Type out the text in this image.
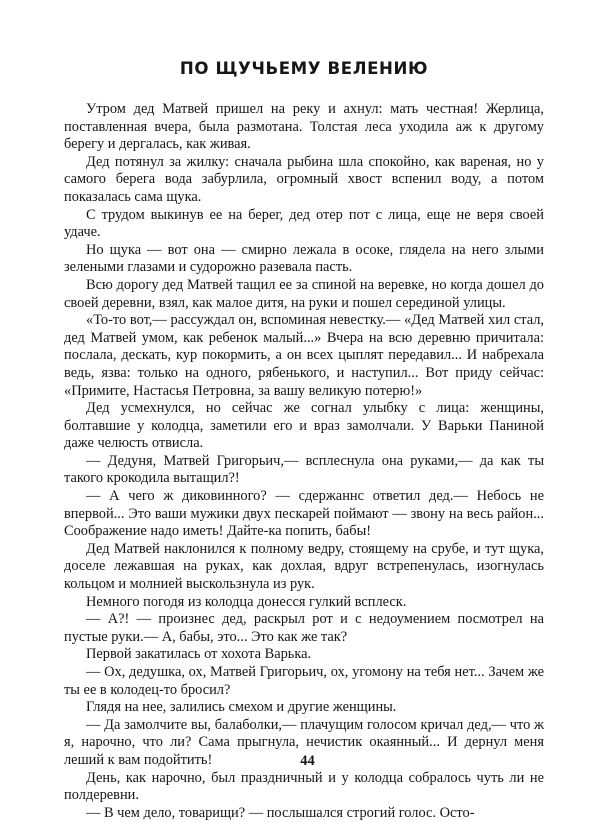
ПО ЩУЧЬЕМУ ВЕЛЕНИЮ

Утром дед Матвей пришел на реку и ахнул: мать честная! Жерлица, поставленная вчера, была размотана. Толстая леса уходила аж к другому берегу и дергалась, как живая.

Дед потянул за жилку: сначала рыбина шла спокойно, как вареная, но у самого берега вода забурлила, огромный хвост вспенил воду, а потом показалась сама щука.

С трудом выкинув ее на берег, дед отер пот с лица, еще не веря своей удаче.

Но щука — вот она — смирно лежала в осоке, глядела на него злыми зелеными глазами и судорожно разевала пасть.

Всю дорогу дед Матвей тащил ее за спиной на веревке, но когда дошел до своей деревни, взял, как малое дитя, на руки и пошел серединой улицы.

«То-то вот,— рассуждал он, вспоминая невестку.— «Дед Матвей хил стал, дед Матвей умом, как ребенок малый...» Вчера на всю деревню причитала: послала, дескать, кур покормить, а он всех цыплят передавил... И набрехала ведь, язва: только на одного, рябенького, и наступил... Вот приду сейчас: «Примите, Настасья Петровна, за вашу великую потерю!»

Дед усмехнулся, но сейчас же согнал улыбку с лица: женщины, болтавшие у колодца, заметили его и враз замолчали. У Варьки Паниной даже челюсть отвисла.

— Дедуня, Матвей Григорьич,— всплеснула она руками,— да как ты такого крокодила вытащил?!

— А чего ж диковинного? — сдержаннс ответил дед.— Небось не впервой... Это ваши мужики двух пескарей поймают — звону на весь район... Соображение надо иметь! Дайте-ка попить, бабы!

Дед Матвей наклонился к полному ведру, стоящему на срубе, и тут щука, доселе лежавшая на руках, как дохлая, вдруг встрепенулась, изогнулась кольцом и молнией выскользнула из рук.

Немного погодя из колодца донесся гулкий всплеск.

— А?! — произнес дед, раскрыл рот и с недоумением посмотрел на пустые руки.— А, бабы, это... Это как же так?

Первой закатилась от хохота Варька.

— Ох, дедушка, ох, Матвей Григорьич, ох, угомону на тебя нет... Зачем же ты ее в колодец-то бросил?

Глядя на нее, залились смехом и другие женщины.

— Да замолчите вы, балаболки,— плачущим голосом кричал дед,— что ж я, нарочно, что ли? Сама прыгнула, нечистик окаянный... И дернул меня леший к вам подойтить!

День, как нарочно, был праздничный и у колодца собралось чуть ли не полдеревни.

— В чем дело, товарищи? — послышался строгий голос. Осто-

44
